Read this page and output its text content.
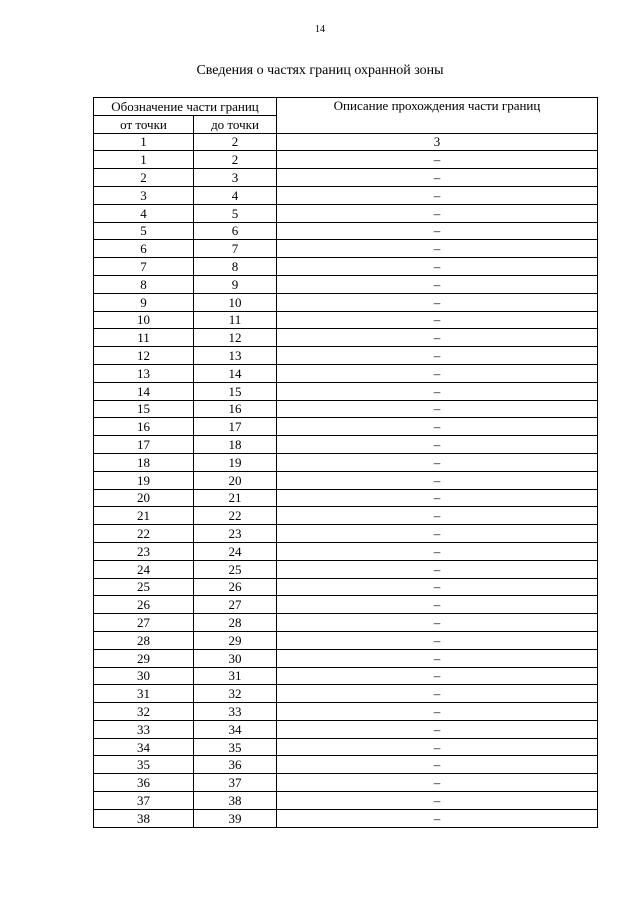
14
Сведения о частях границ охранной зоны
Обозначение части границ		Описание прохождения части границ
от точки	до точки	
1	2	3
1	2	–
2	3	–
3	4	–
4	5	–
5	6	–
6	7	–
7	8	–
8	9	–
9	10	–
10	11	–
11	12	–
12	13	–
13	14	–
14	15	–
15	16	–
16	17	–
17	18	–
18	19	–
19	20	–
20	21	–
21	22	–
22	23	–
23	24	–
24	25	–
25	26	–
26	27	–
27	28	–
28	29	–
29	30	–
30	31	–
31	32	–
32	33	–
33	34	–
34	35	–
35	36	–
36	37	–
37	38	–
38	39	–
